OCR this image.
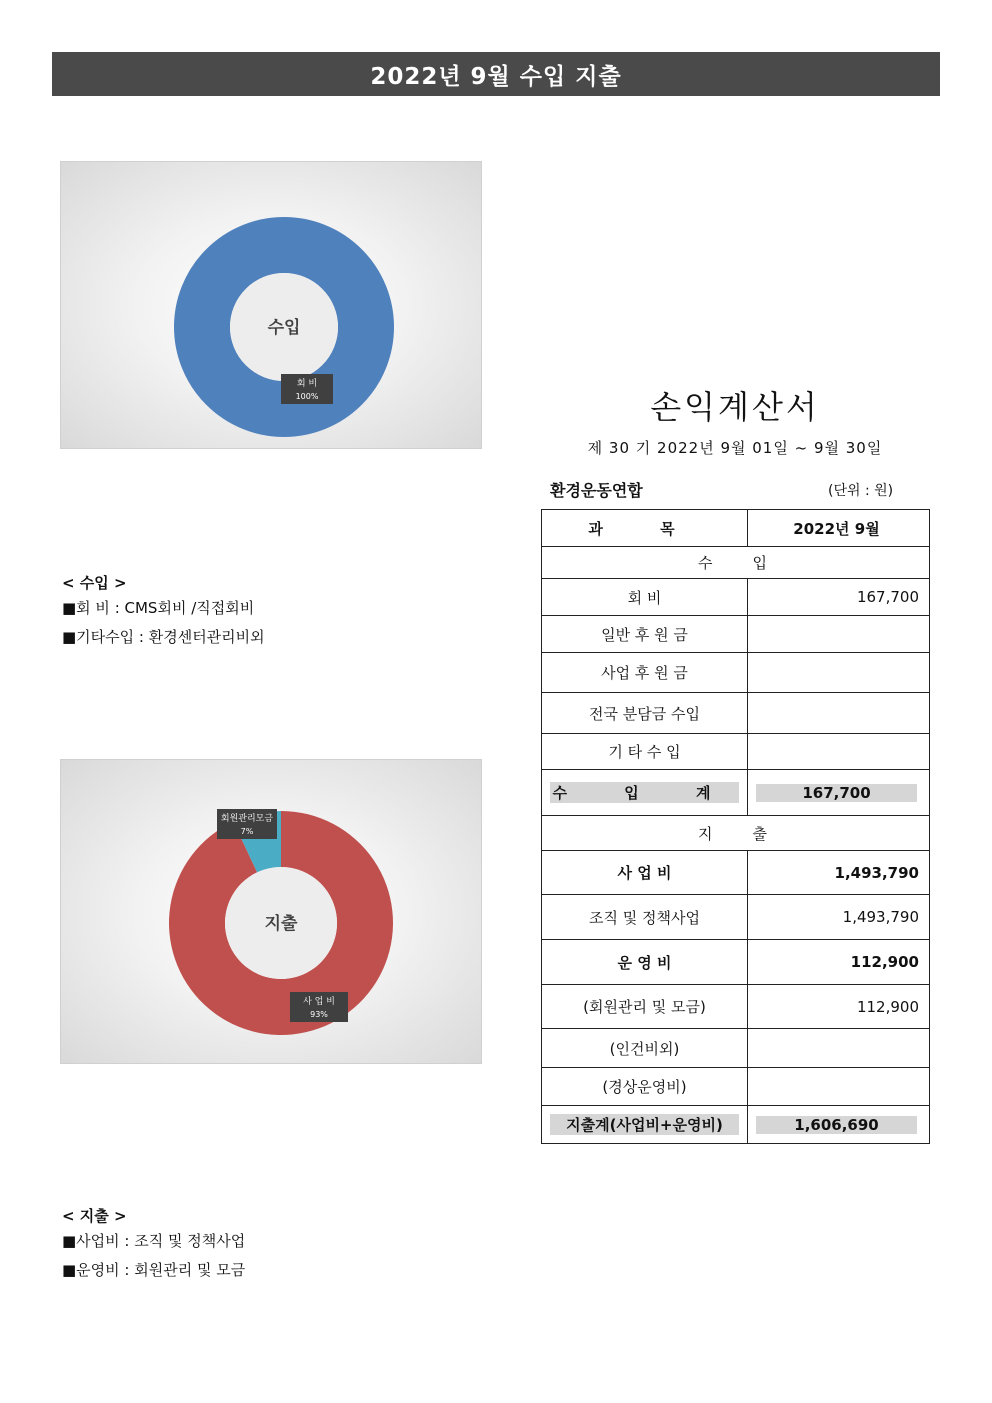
2022년 9월 수입 지출
수입
회 비
100%
< 수입 >
■회 비 : CMS회비 /직접회비
■기타수입 : 환경센터관리비외
지출
사 업 비
93%
회원관리모금
7%
< 지출 >
■사업비 : 조직 및 정책사업
■운영비 : 회원관리 및 모금
손익계산서
제 30 기 2022년 9월 01일 ~ 9월 30일
환경운동연합	(단위 : 원)
과 목	2022년 9월
수입	
회 비	167,700
일반 후 원 금	
사업 후 원 금	
전국 분담금 수입	
기 타 수 입	

수 입 계	167,700

지출	
사 업 비	1,493,790
조직 및 정책사업	1,493,790
운 영 비	112,900
(회원관리 및 모금)	112,900
(인건비외)	
(경상운영비)	

지출계(사업비+운영비)	1,606,690
